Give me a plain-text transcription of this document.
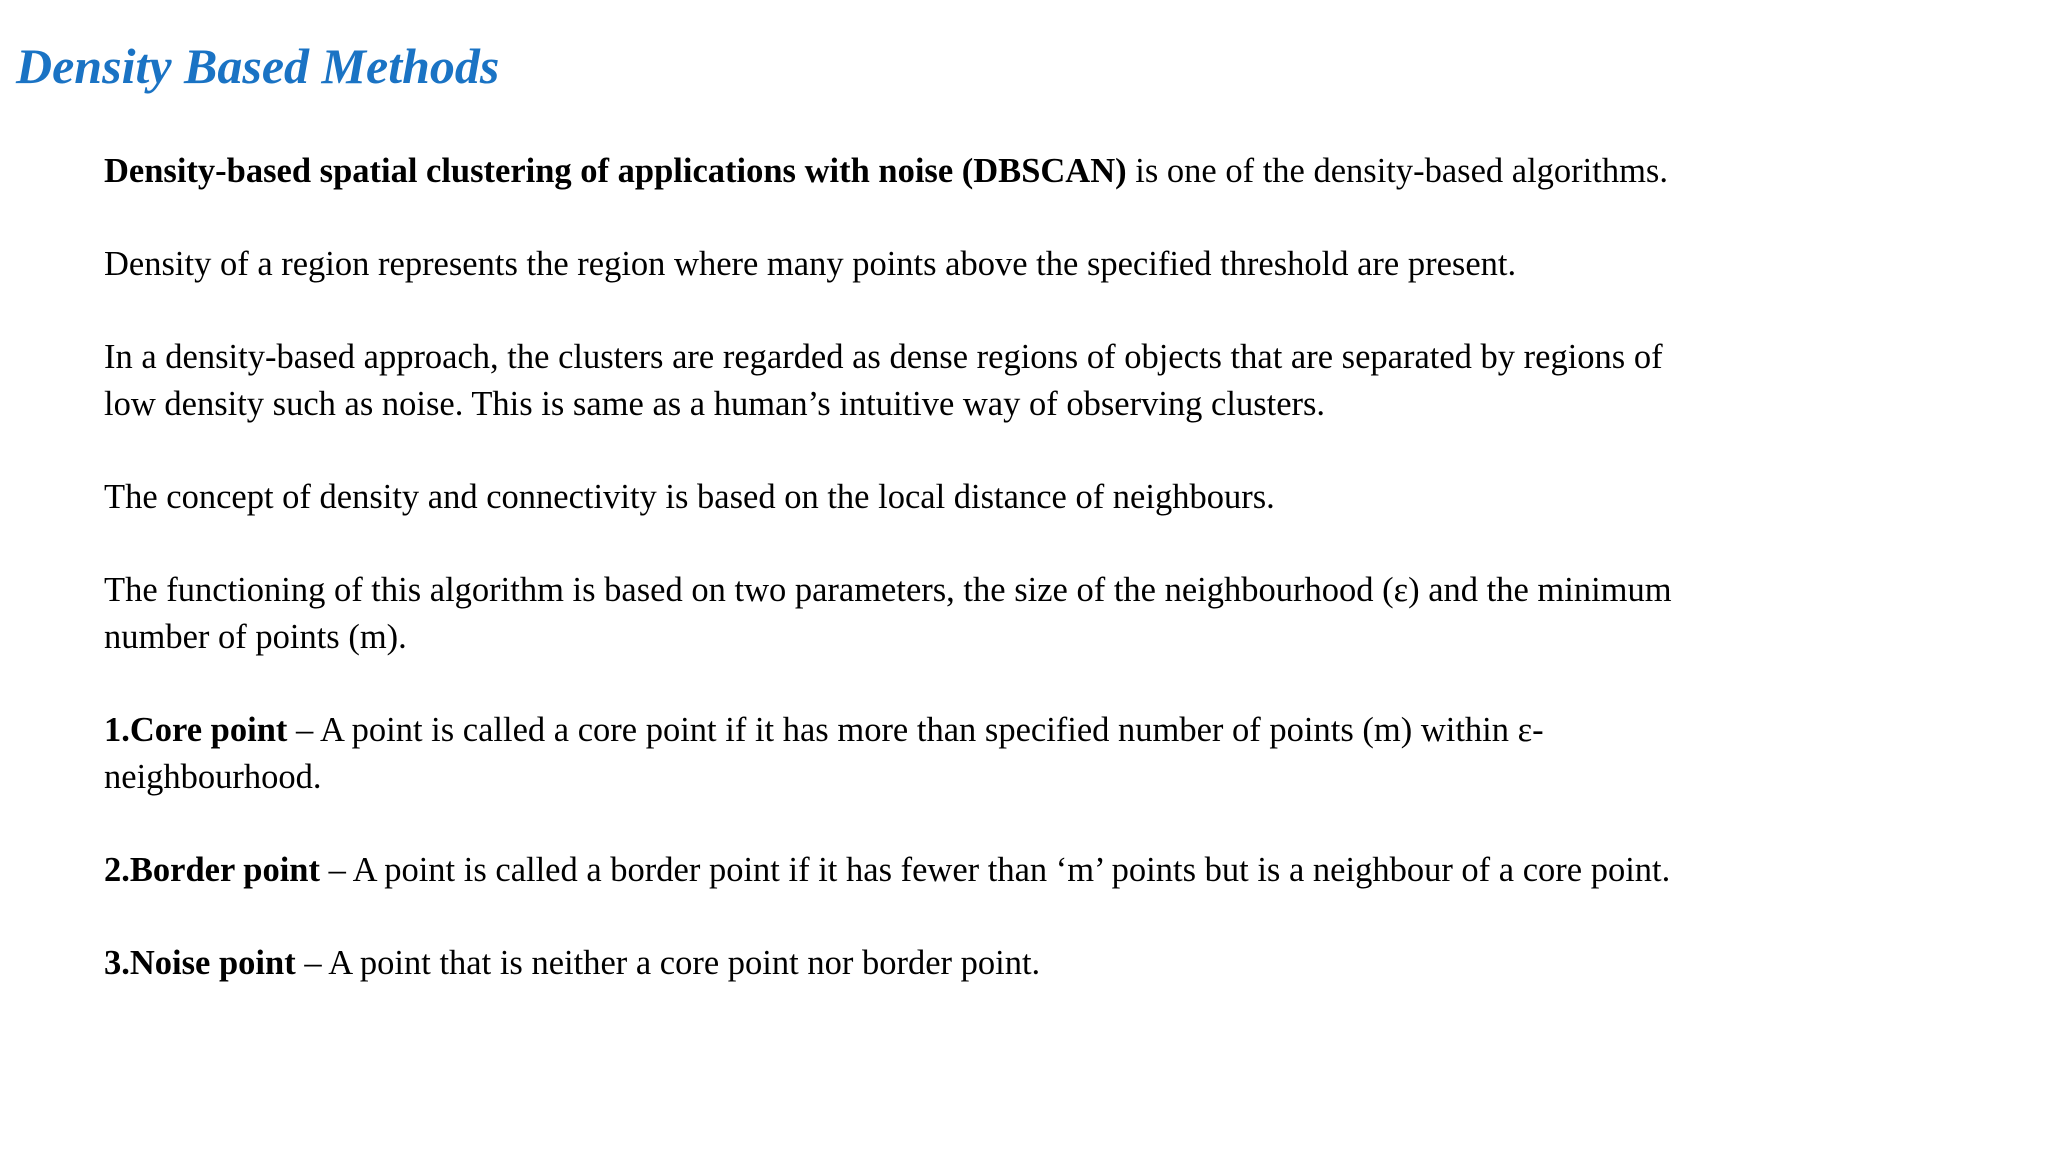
Density Based Methods

Density-based spatial clustering of applications with noise (DBSCAN) is one of the density-based algorithms.

Density of a region represents the region where many points above the specified threshold are present.

In a density-based approach, the clusters are regarded as dense regions of objects that are separated by regions of
low density such as noise. This is same as a human’s intuitive way of observing clusters.

The concept of density and connectivity is based on the local distance of neighbours.

The functioning of this algorithm is based on two parameters, the size of the neighbourhood (ε) and the minimum
number of points (m).

1.Core point – A point is called a core point if it has more than specified number of points (m) within ε-
neighbourhood.

2.Border point – A point is called a border point if it has fewer than ‘m’ points but is a neighbour of a core point.

3.Noise point – A point that is neither a core point nor border point.
